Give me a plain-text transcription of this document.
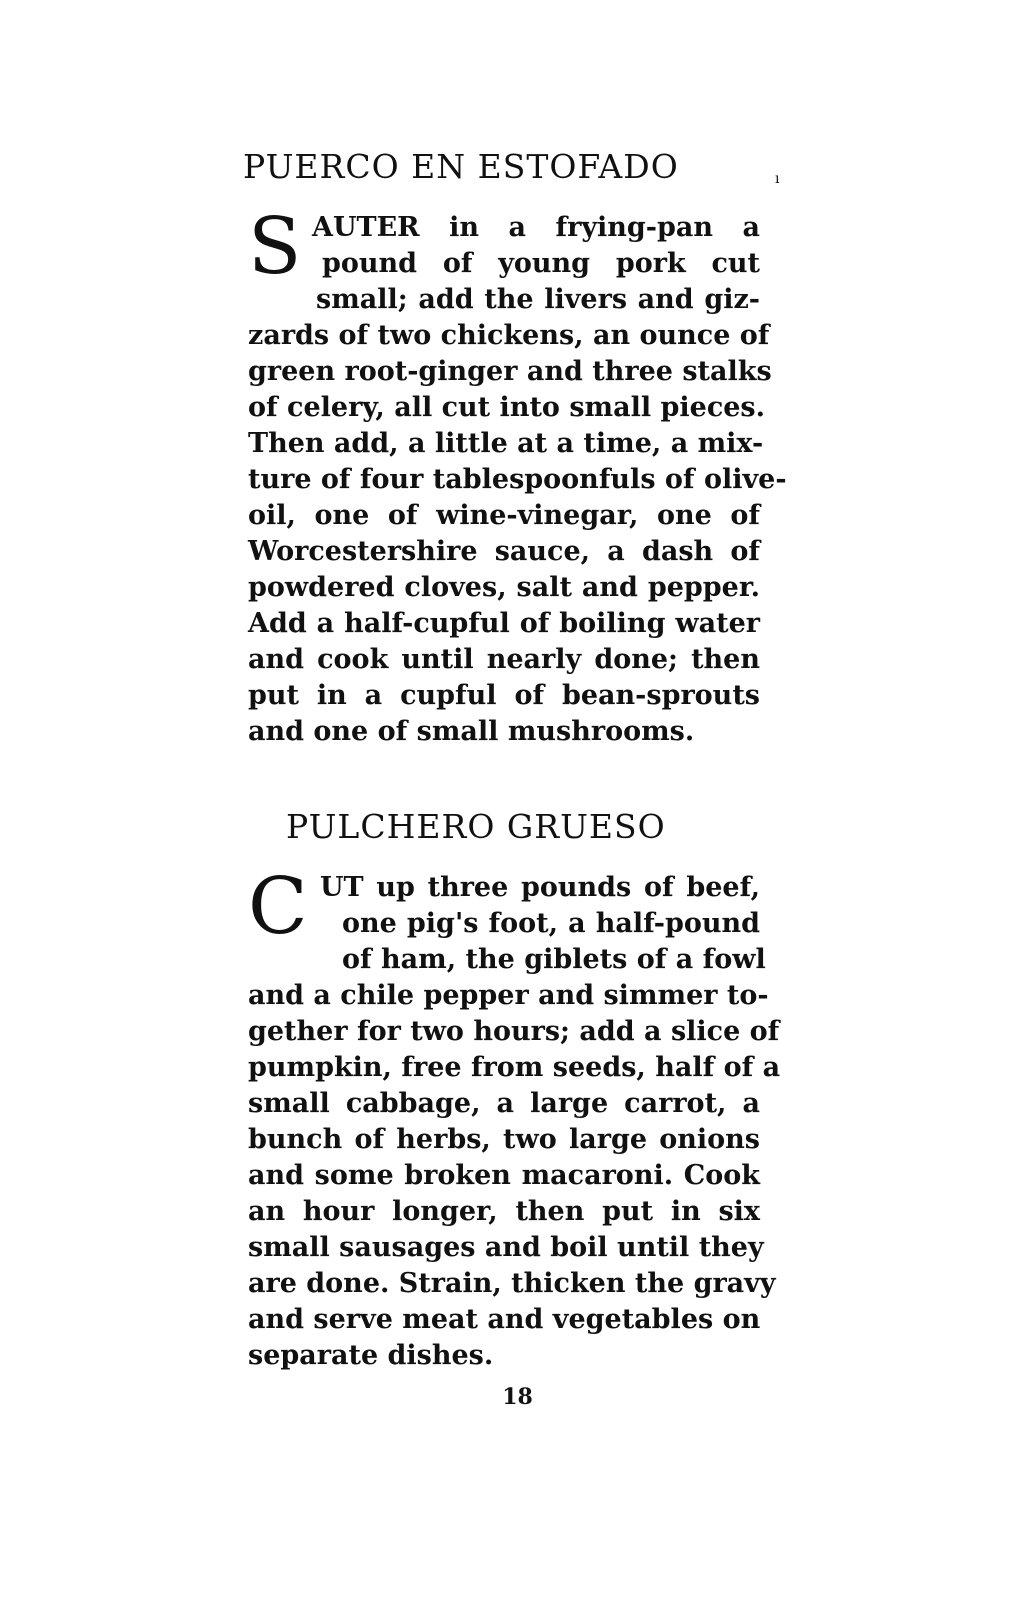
PUERCO EN ESTOFADO	ı
S AUTER in a frying-pan a
pound of young pork cut
small; add the livers and giz-
zards of two chickens, an ounce of
green root-ginger and three stalks
of celery, all cut into small pieces.
Then add, a little at a time, a mix-
ture of four tablespoonfuls of olive-
oil, one of wine-vinegar, one of
Worcestershire sauce, a dash of
powdered cloves, salt and pepper.
Add a half-cupful of boiling water
and cook until nearly done; then
put in a cupful of bean-sprouts
and one of small mushrooms.
PULCHERO GRUESO
C UT up three pounds of beef,
one pig's foot, a half-pound
of ham, the giblets of a fowl
and a chile pepper and simmer to-
gether for two hours; add a slice of
pumpkin, free from seeds, half of a
small cabbage, a large carrot, a
bunch of herbs, two large onions
and some broken macaroni. Cook
an hour longer, then put in six
small sausages and boil until they
are done. Strain, thicken the gravy
and serve meat and vegetables on
separate dishes.
18
